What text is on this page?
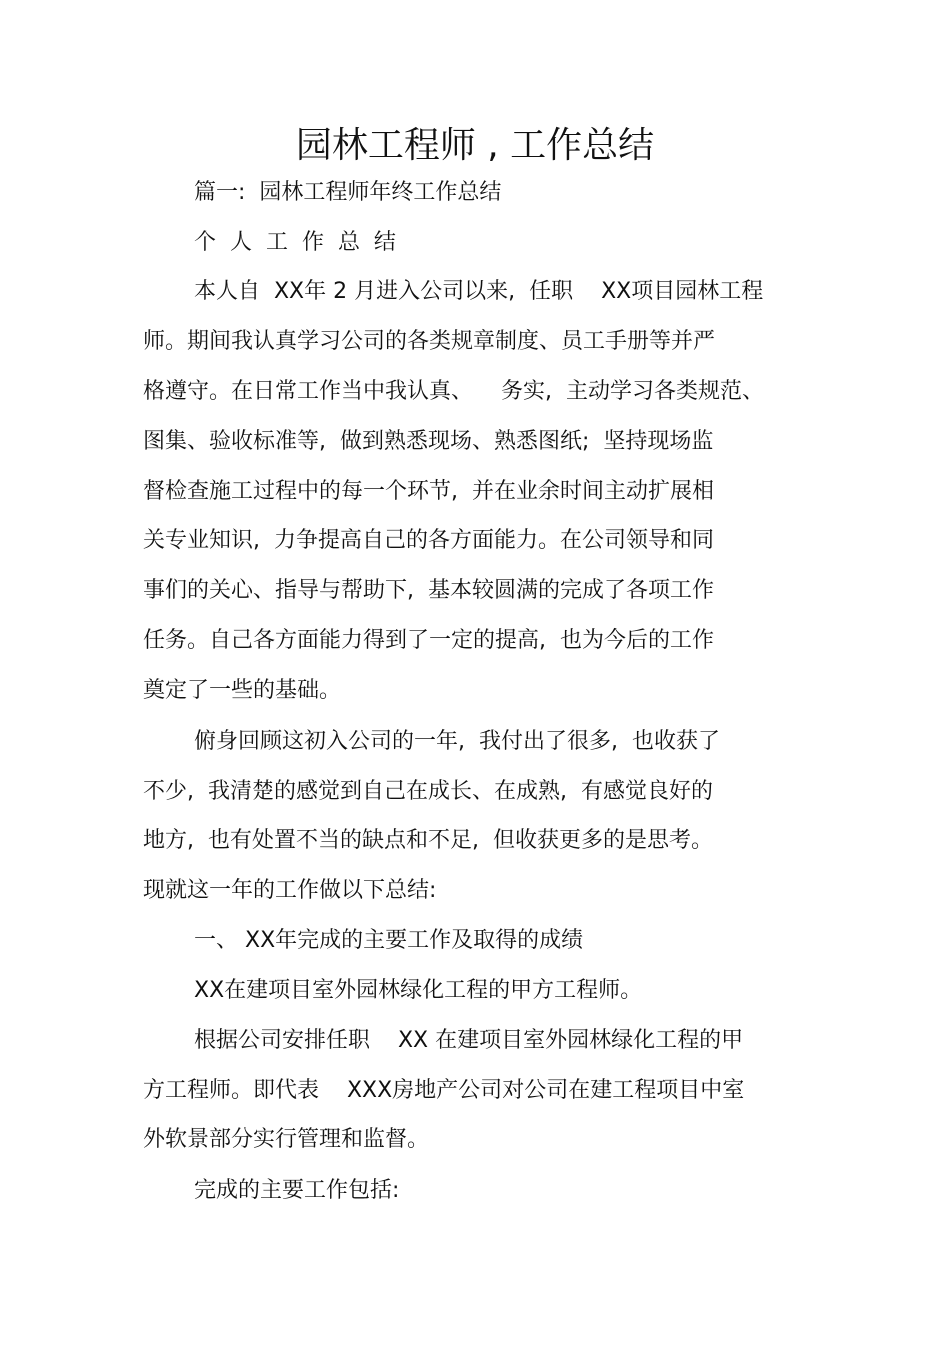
园林工程师 , 工作总结
篇一:  园林工程师年终工作总结
个  人  工  作  总  结
本人自  XX年 2 月进入公司以来,  任职    XX项目园林工程
师。期间我认真学习公司的各类规章制度、员工手册等并严
格遵守。在日常工作当中我认真、    务实,  主动学习各类规范、
图集、验收标准等,  做到熟悉现场、熟悉图纸;  坚持现场监
督检查施工过程中的每一个环节,  并在业余时间主动扩展相
关专业知识,  力争提高自己的各方面能力。在公司领导和同
事们的关心、指导与帮助下,  基本较圆满的完成了各项工作
任务。自己各方面能力得到了一定的提高,  也为今后的工作
奠定了一些的基础。
俯身回顾这初入公司的一年,  我付出了很多,  也收获了
不少,  我清楚的感觉到自己在成长、在成熟,  有感觉良好的
地方,  也有处置不当的缺点和不足,  但收获更多的是思考。
现就这一年的工作做以下总结:
一、 XX年完成的主要工作及取得的成绩
XX在建项目室外园林绿化工程的甲方工程师。
根据公司安排任职    XX 在建项目室外园林绿化工程的甲
方工程师。即代表    XXX房地产公司对公司在建工程项目中室
外软景部分实行管理和监督。
完成的主要工作包括:
